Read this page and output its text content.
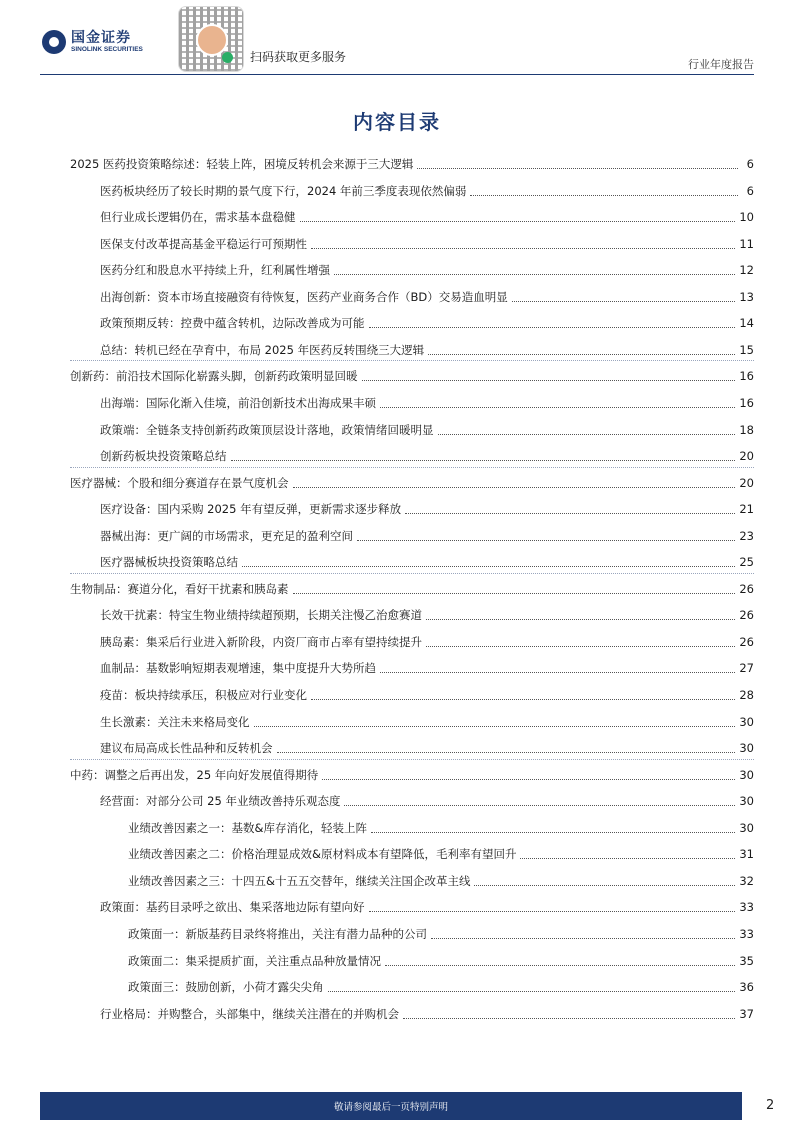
国金证券
SINOLINK SECURITIES
扫码获取更多服务
行业年度报告
内容目录
2025 医药投资策略综述：轻装上阵，困境反转机会来源于三大逻辑	6
医药板块经历了较长时期的景气度下行，2024 年前三季度表现依然偏弱	6
但行业成长逻辑仍在，需求基本盘稳健	10
医保支付改革提高基金平稳运行可预期性	11
医药分红和股息水平持续上升，红利属性增强	12
出海创新：资本市场直接融资有待恢复，医药产业商务合作（BD）交易造血明显	13
政策预期反转：控费中蕴含转机，边际改善成为可能	14
总结：转机已经在孕育中，布局 2025 年医药反转围绕三大逻辑	15
创新药：前沿技术国际化崭露头脚，创新药政策明显回暖	16
出海端：国际化渐入佳境，前沿创新技术出海成果丰硕	16
政策端：全链条支持创新药政策顶层设计落地，政策情绪回暖明显	18
创新药板块投资策略总结	20
医疗器械：个股和细分赛道存在景气度机会	20
医疗设备：国内采购 2025 年有望反弹，更新需求逐步释放	21
器械出海：更广阔的市场需求，更充足的盈利空间	23
医疗器械板块投资策略总结	25
生物制品：赛道分化，看好干扰素和胰岛素	26
长效干扰素：特宝生物业绩持续超预期，长期关注慢乙治愈赛道	26
胰岛素：集采后行业进入新阶段，内资厂商市占率有望持续提升	26
血制品：基数影响短期表观增速，集中度提升大势所趋	27
疫苗：板块持续承压，积极应对行业变化	28
生长激素：关注未来格局变化	30
建议布局高成长性品种和反转机会	30
中药：调整之后再出发，25 年向好发展值得期待	30
经营面：对部分公司 25 年业绩改善持乐观态度	30
业绩改善因素之一：基数&库存消化，轻装上阵	30
业绩改善因素之二：价格治理显成效&原材料成本有望降低，毛利率有望回升	31
业绩改善因素之三：十四五&十五五交替年，继续关注国企改革主线	32
政策面：基药目录呼之欲出、集采落地边际有望向好	33
政策面一：新版基药目录终将推出，关注有潜力品种的公司	33
政策面二：集采提质扩面，关注重点品种放量情况	35
政策面三：鼓励创新，小荷才露尖尖角	36
行业格局：并购整合，头部集中，继续关注潜在的并购机会	37
敬请参阅最后一页特别声明	2
